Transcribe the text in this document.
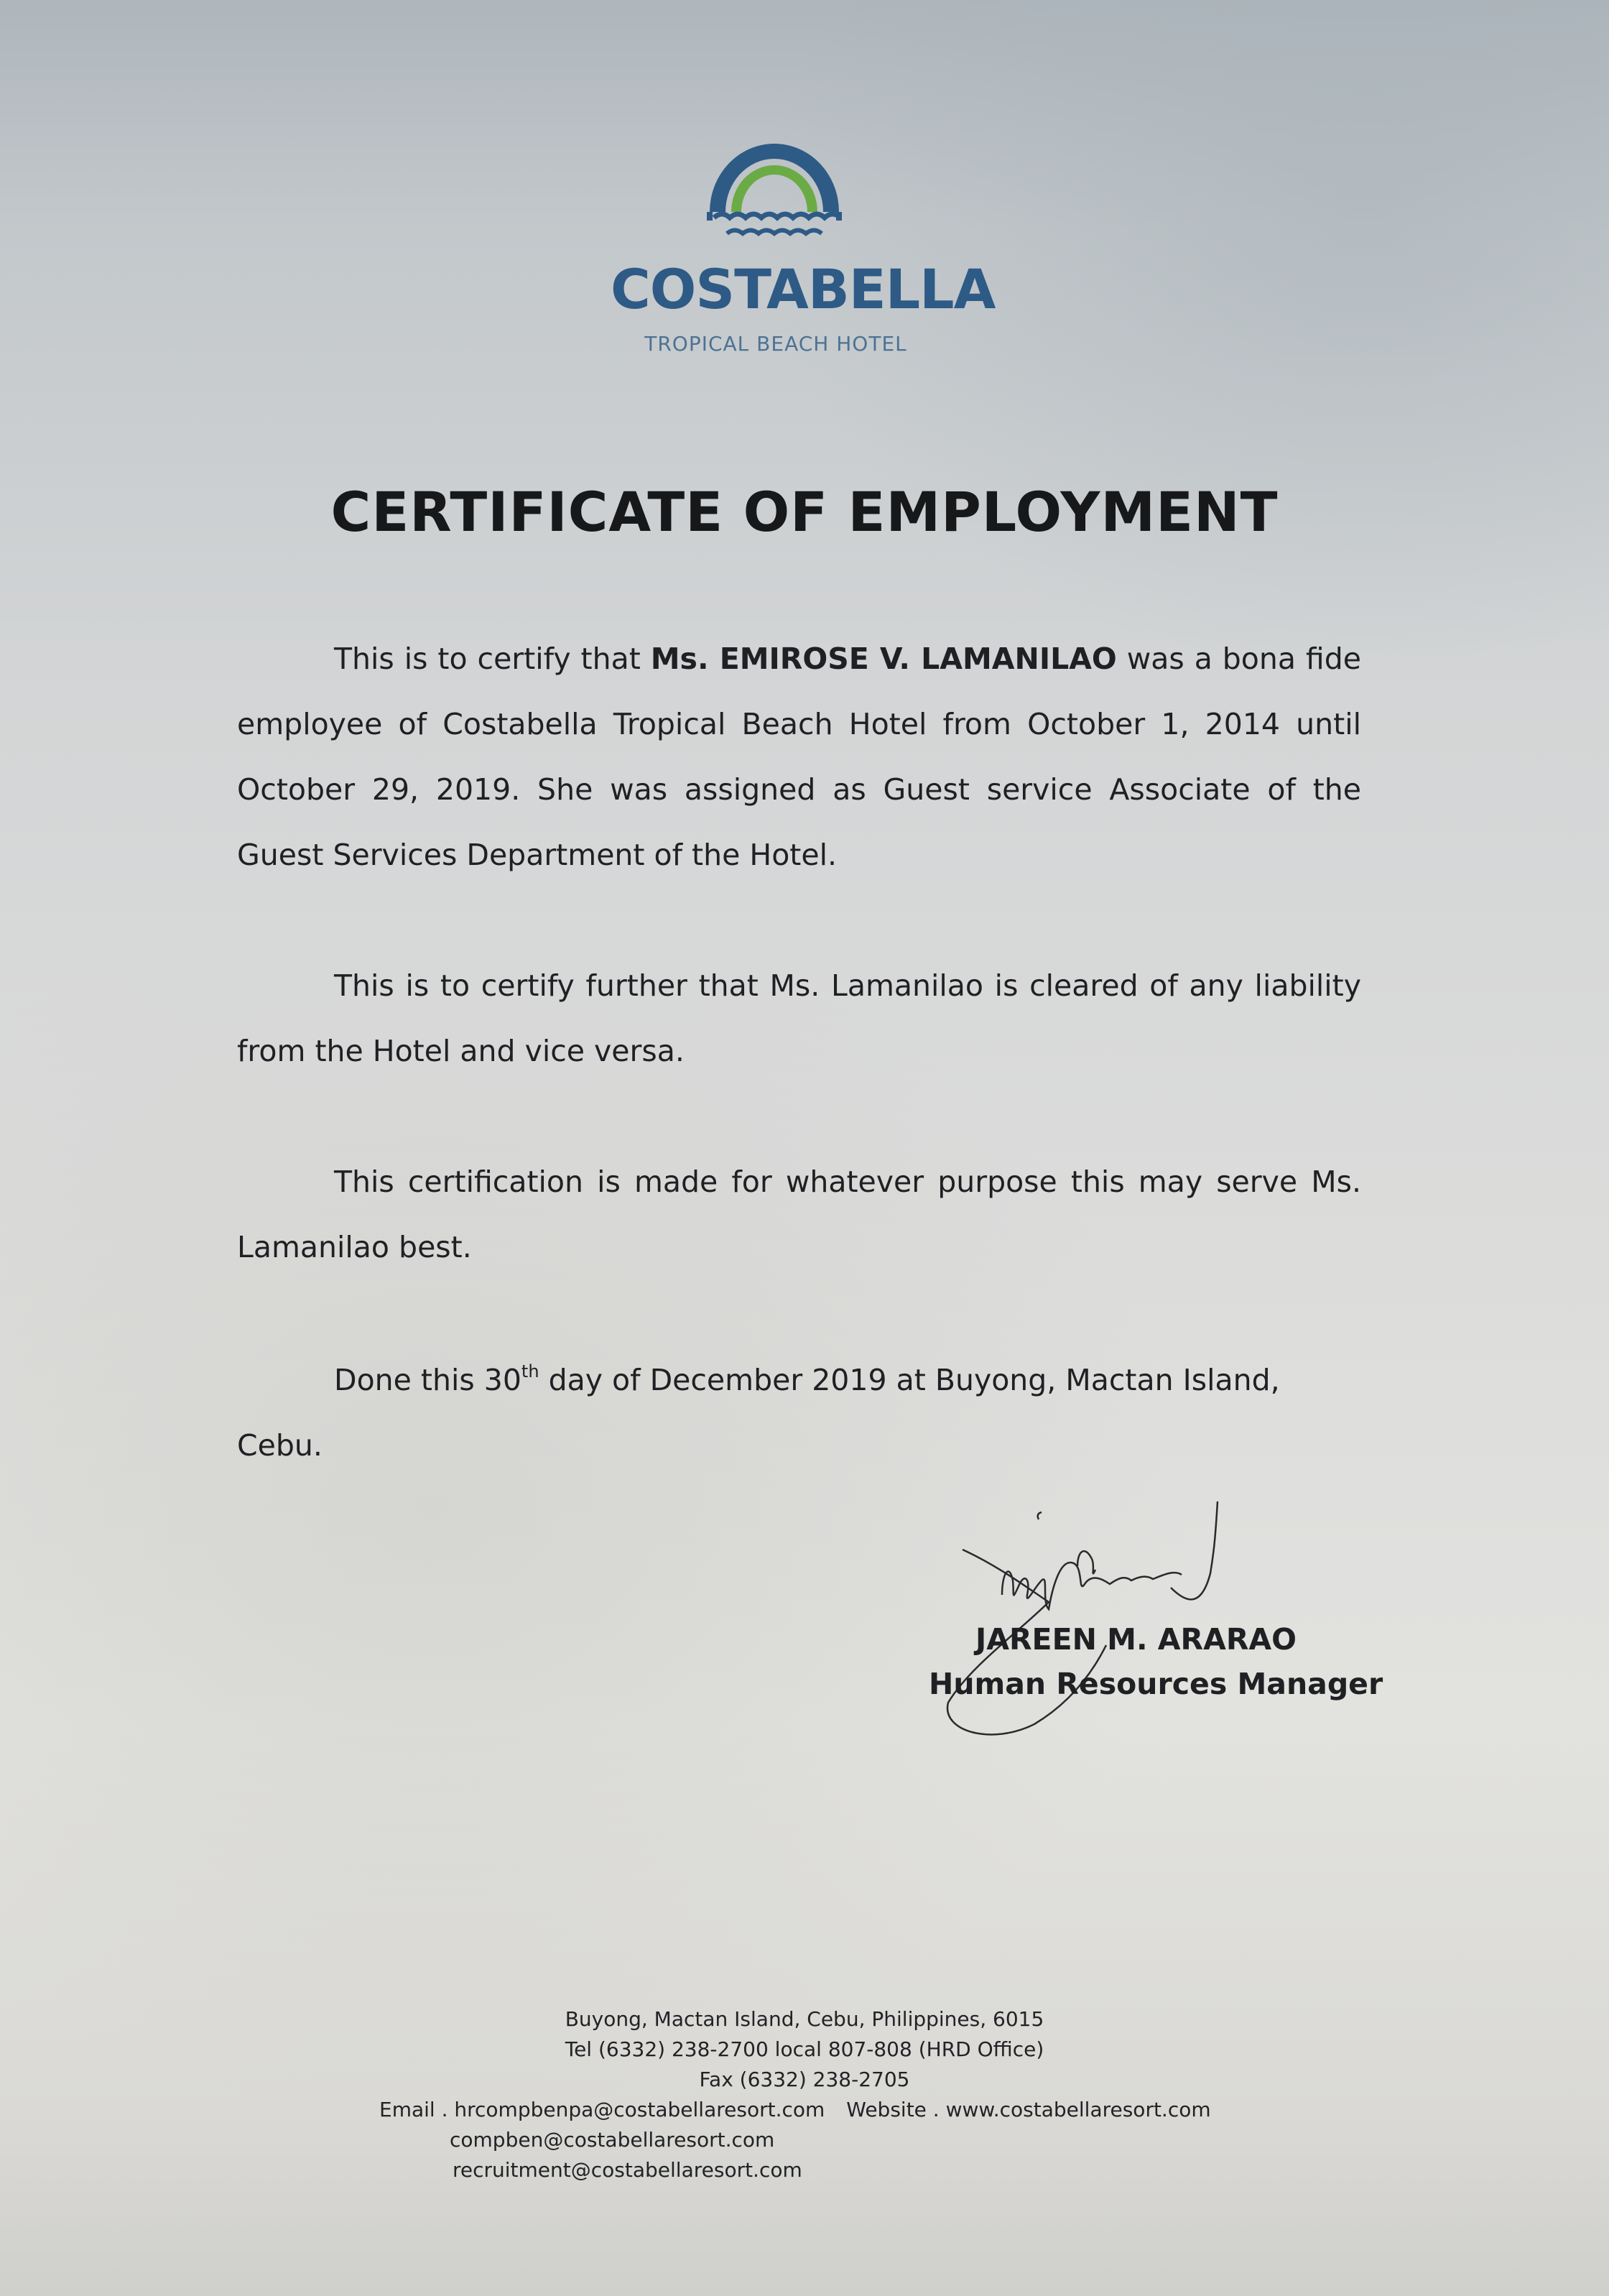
COSTABELLA
TROPICAL BEACH HOTEL
CERTIFICATE OF EMPLOYMENT
This is to certify that Ms. EMIROSE V. LAMANILAO was a bona fide employee of Costabella Tropical Beach Hotel from October 1, 2014 until October 29, 2019. She was assigned as Guest service Associate of the Guest Services Department of the Hotel.
This is to certify further that Ms. Lamanilao is cleared of any liability from the Hotel and vice versa.
This certification is made for whatever purpose this may serve Ms. Lamanilao best.
Done this 30th day of December 2019 at Buyong, Mactan Island, Cebu.
JAREEN M. ARARAO
Human Resources Manager
Buyong, Mactan Island, Cebu, Philippines, 6015
Tel (6332) 238-2700 local 807-808 (HRD Office)
Fax (6332) 238-2705
Email . hrcompbenpa@costabellaresort.com Website . www.costabellaresort.com
compben@costabellaresort.com
recruitment@costabellaresort.com
